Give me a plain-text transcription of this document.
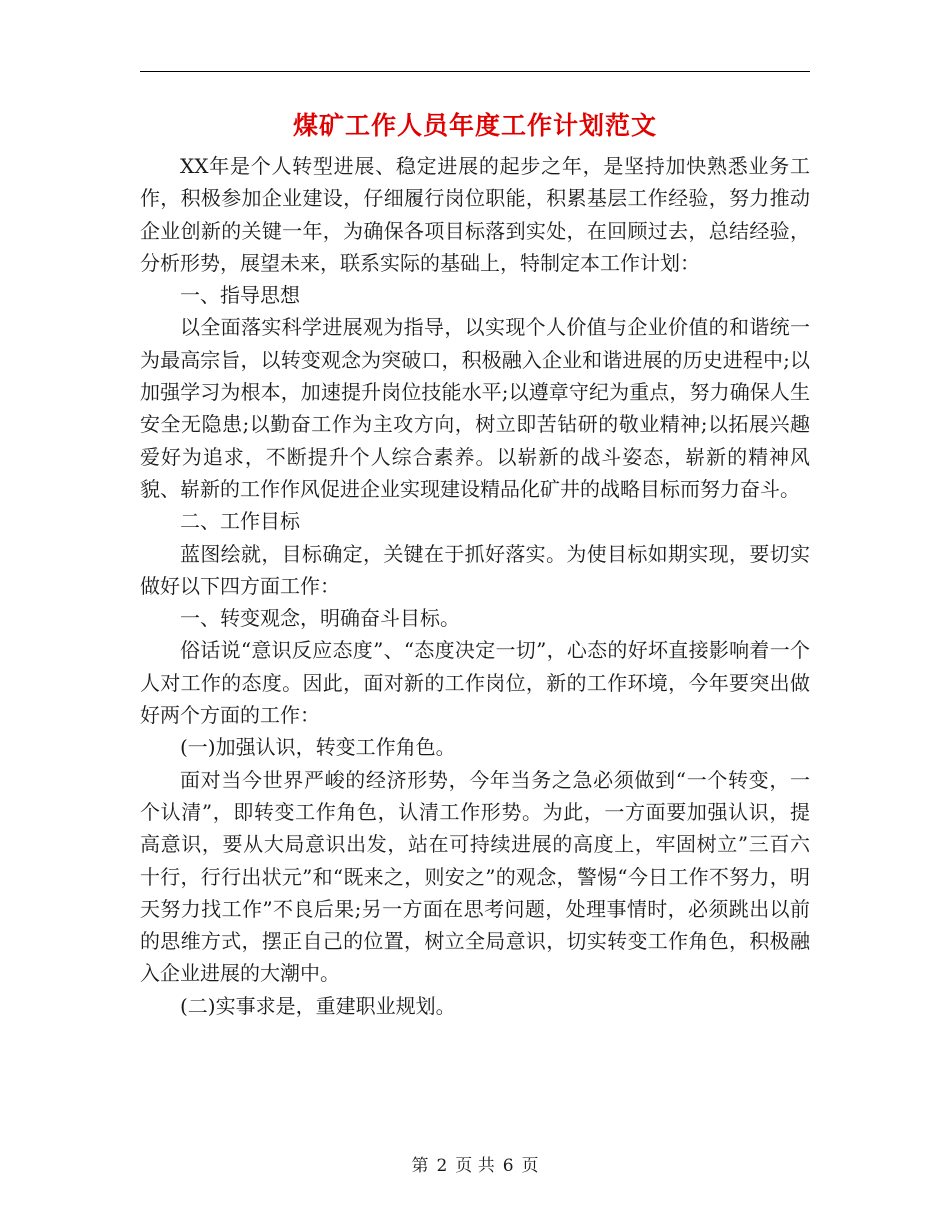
煤矿工作人员年度工作计划范文

XX年是个人转型进展、稳定进展的起步之年，是坚持加快熟悉业务工作，积极参加企业建设，仔细履行岗位职能，积累基层工作经验，努力推动企业创新的关键一年，为确保各项目标落到实处，在回顾过去，总结经验，分析形势，展望未来，联系实际的基础上，特制定本工作计划：

一、指导思想

以全面落实科学进展观为指导，以实现个人价值与企业价值的和谐统一为最高宗旨，以转变观念为突破口，积极融入企业和谐进展的历史进程中;以加强学习为根本，加速提升岗位技能水平;以遵章守纪为重点，努力确保人生安全无隐患;以勤奋工作为主攻方向，树立即苦钻研的敬业精神;以拓展兴趣爱好为追求，不断提升个人综合素养。以崭新的战斗姿态，崭新的精神风貌、崭新的工作作风促进企业实现建设精品化矿井的战略目标而努力奋斗。

二、工作目标

蓝图绘就，目标确定，关键在于抓好落实。为使目标如期实现，要切实做好以下四方面工作：

一、转变观念，明确奋斗目标。

俗话说“意识反应态度”、“态度决定一切”，心态的好坏直接影响着一个人对工作的态度。因此，面对新的工作岗位，新的工作环境，今年要突出做好两个方面的工作：

(一)加强认识，转变工作角色。

面对当今世界严峻的经济形势，今年当务之急必须做到“一个转变，一个认清”，即转变工作角色，认清工作形势。为此，一方面要加强认识，提高意识，要从大局意识出发，站在可持续进展的高度上，牢固树立”三百六十行，行行出状元”和“既来之，则安之”的观念，警惕“今日工作不努力，明天努力找工作”不良后果;另一方面在思考问题，处理事情时，必须跳出以前的思维方式，摆正自己的位置，树立全局意识，切实转变工作角色，积极融入企业进展的大潮中。

(二)实事求是，重建职业规划。

第 2 页 共 6 页
